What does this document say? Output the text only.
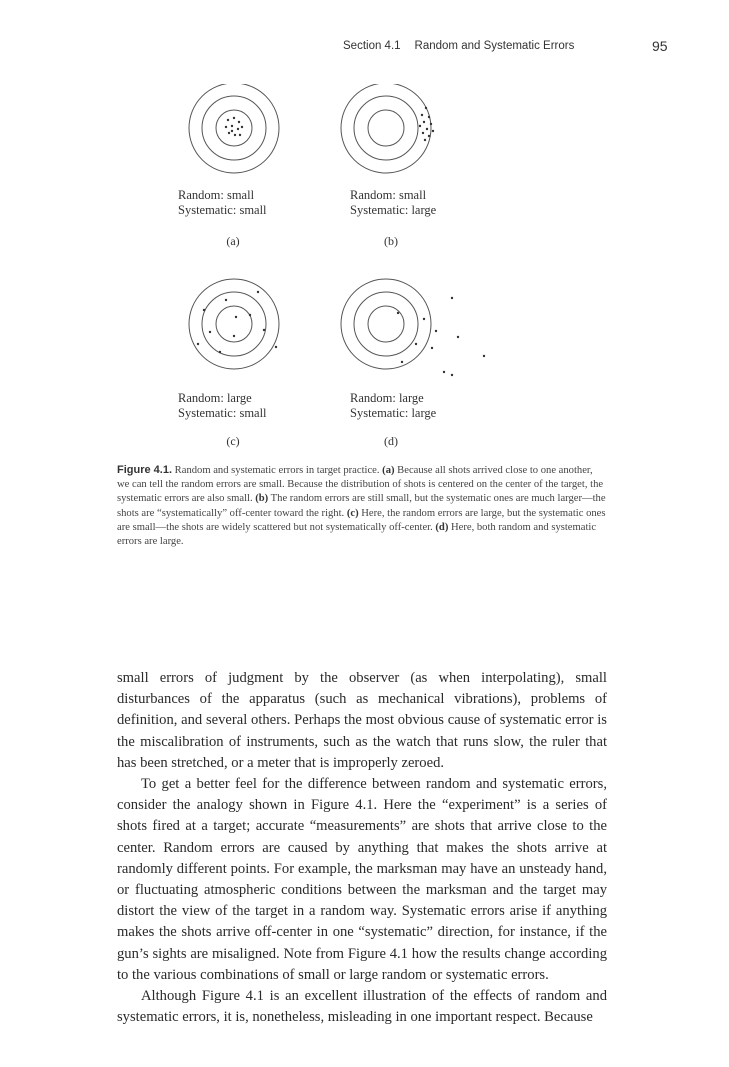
Section 4.1 Random and Systematic Errors	95
Random: small
Systematic: small
(a)
Random: small
Systematic: large
(b)
Random: large
Systematic: small
(c)
Random: large
Systematic: large
(d)
Figure 4.1. Random and systematic errors in target practice. (a) Because all shots arrived close to one another, we can tell the random errors are small. Because the distribution of shots is centered on the center of the target, the systematic errors are also small. (b) The random errors are still small, but the systematic ones are much larger—the shots are “systematically” off-center toward the right. (c) Here, the random errors are large, but the systematic ones are small—the shots are widely scattered but not systematically off-center. (d) Here, both random and systematic errors are large.

small errors of judgment by the observer (as when interpolating), small disturbances of the apparatus (such as mechanical vibrations), problems of definition, and several others. Perhaps the most obvious cause of systematic error is the miscalibration of instruments, such as the watch that runs slow, the ruler that has been stretched, or a meter that is improperly zeroed.

To get a better feel for the difference between random and systematic errors, consider the analogy shown in Figure 4.1. Here the “experiment” is a series of shots fired at a target; accurate “measurements” are shots that arrive close to the center. Random errors are caused by anything that makes the shots arrive at randomly different points. For example, the marksman may have an unsteady hand, or fluctuating atmospheric conditions between the marksman and the target may distort the view of the target in a random way. Systematic errors arise if anything makes the shots arrive off-center in one “systematic” direction, for instance, if the gun’s sights are misaligned. Note from Figure 4.1 how the results change according to the various combinations of small or large random or systematic errors.

Although Figure 4.1 is an excellent illustration of the effects of random and systematic errors, it is, nonetheless, misleading in one important respect. Because
